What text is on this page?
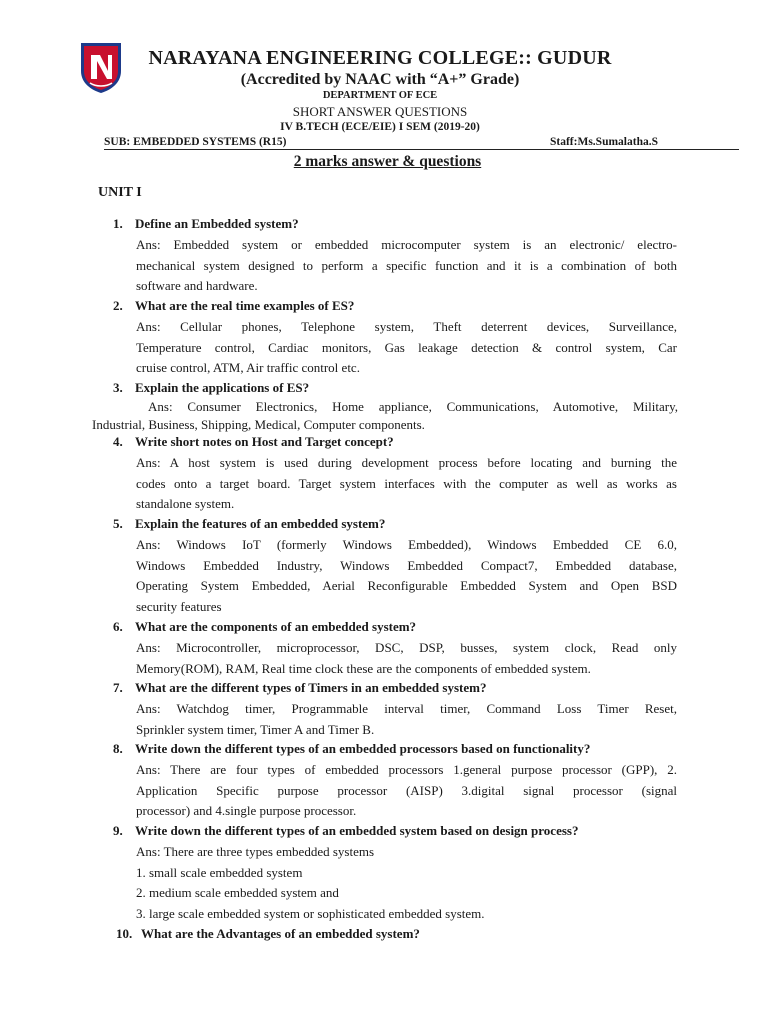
NARAYANA ENGINEERING COLLEGE:: GUDUR
(Accredited by NAAC with “A+” Grade)
DEPARTMENT OF ECE
SHORT ANSWER QUESTIONS
IV B.TECH (ECE/EIE) I SEM (2019-20)
SUB: EMBEDDED SYSTEMS (R15)	Staff:Ms.Sumalatha.S
2 marks answer & questions
UNIT I
1. Define an Embedded system?
Ans: Embedded system or embedded microcomputer system is an electronic/ electro-
mechanical system designed to perform a specific function and it is a combination of both
software and hardware.
2. What are the real time examples of ES?
Ans: Cellular phones, Telephone system, Theft deterrent devices, Surveillance,
Temperature control, Cardiac monitors, Gas leakage detection & control system, Car
cruise control, ATM, Air traffic control etc.
3. Explain the applications of ES?
Ans: Consumer Electronics, Home appliance, Communications, Automotive, Military,
Industrial, Business, Shipping, Medical, Computer components.
4. Write short notes on Host and Target concept?
Ans: A host system is used during development process before locating and burning the
codes onto a target board. Target system interfaces with the computer as well as works as
standalone system.
5. Explain the features of an embedded system?
Ans: Windows IoT (formerly Windows Embedded), Windows Embedded CE 6.0,
Windows Embedded Industry, Windows Embedded Compact7, Embedded database,
Operating System Embedded, Aerial Reconfigurable Embedded System and Open BSD
security features
6. What are the components of an embedded system?
Ans: Microcontroller, microprocessor, DSC, DSP, busses, system clock, Read only
Memory(ROM), RAM, Real time clock these are the components of embedded system.
7. What are the different types of Timers in an embedded system?
Ans: Watchdog timer, Programmable interval timer, Command Loss Timer Reset,
Sprinkler system timer, Timer A and Timer B.
8. Write down the different types of an embedded processors based on functionality?
Ans: There are four types of embedded processors 1.general purpose processor (GPP), 2.
Application Specific purpose processor (AISP) 3.digital signal processor (signal
processor) and 4.single purpose processor.
9. Write down the different types of an embedded system based on design process?
Ans: There are three types embedded systems
1. small scale embedded system
2. medium scale embedded system and
3. large scale embedded system or sophisticated embedded system.
10. What are the Advantages of an embedded system?
